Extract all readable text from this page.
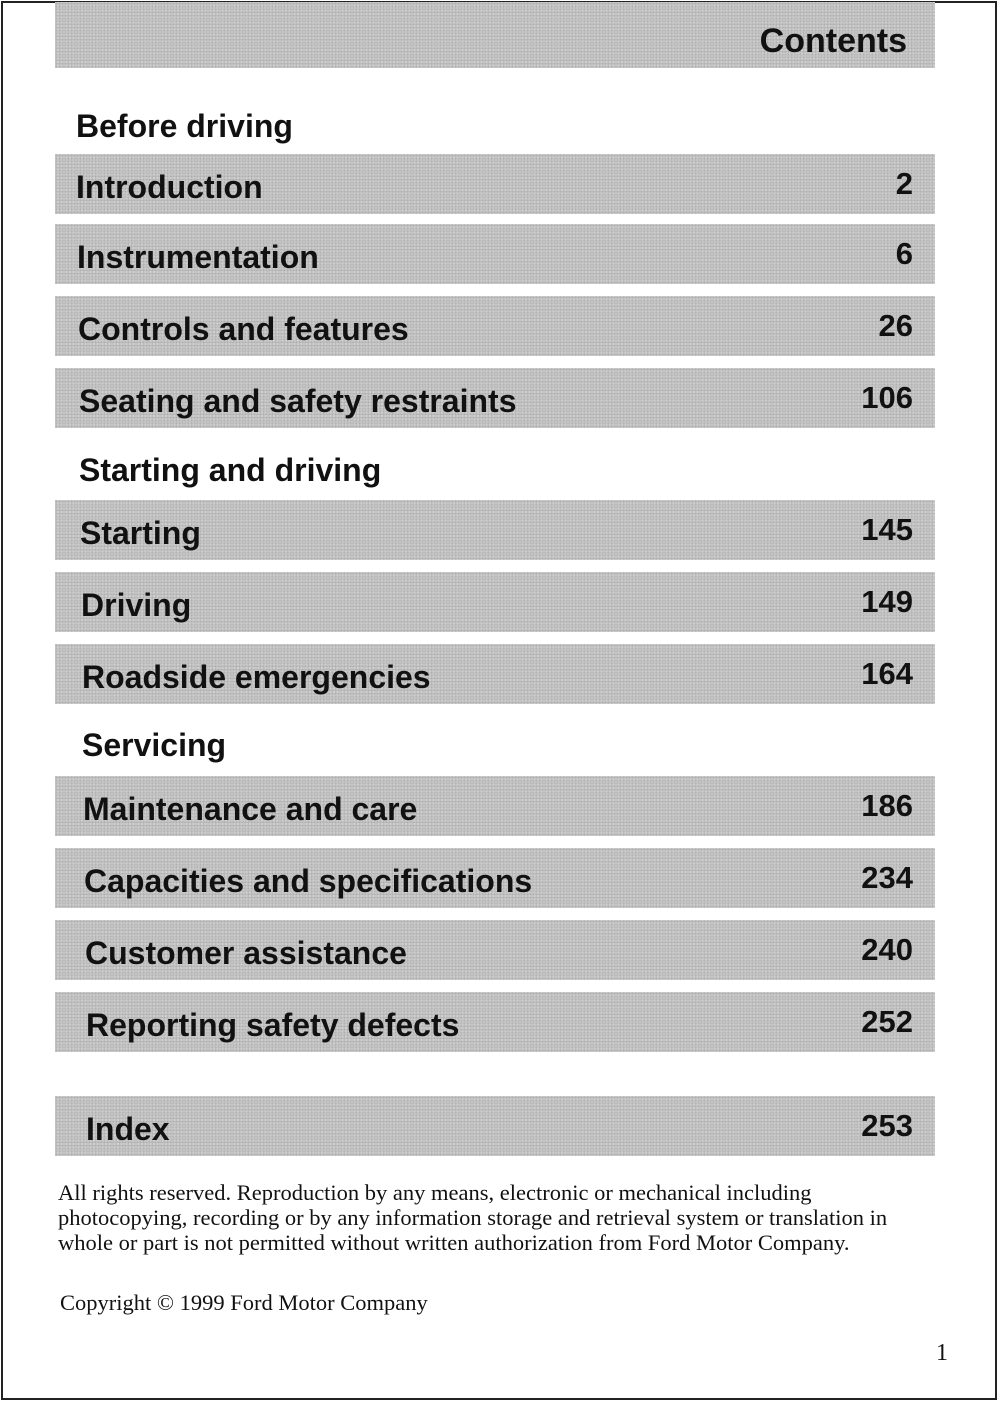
Contents
Before driving
Introduction	2
Instrumentation	6
Controls and features	26
Seating and safety restraints	106
Starting and driving
Starting	145
Driving	149
Roadside emergencies	164
Servicing
Maintenance and care	186
Capacities and specifications	234
Customer assistance	240
Reporting safety defects	252
Index	253
All rights reserved. Reproduction by any means, electronic or mechanical including photocopying, recording or by any information storage and retrieval system or translation in whole or part is not permitted without written authorization from Ford Motor Company.
Copyright © 1999 Ford Motor Company
1
